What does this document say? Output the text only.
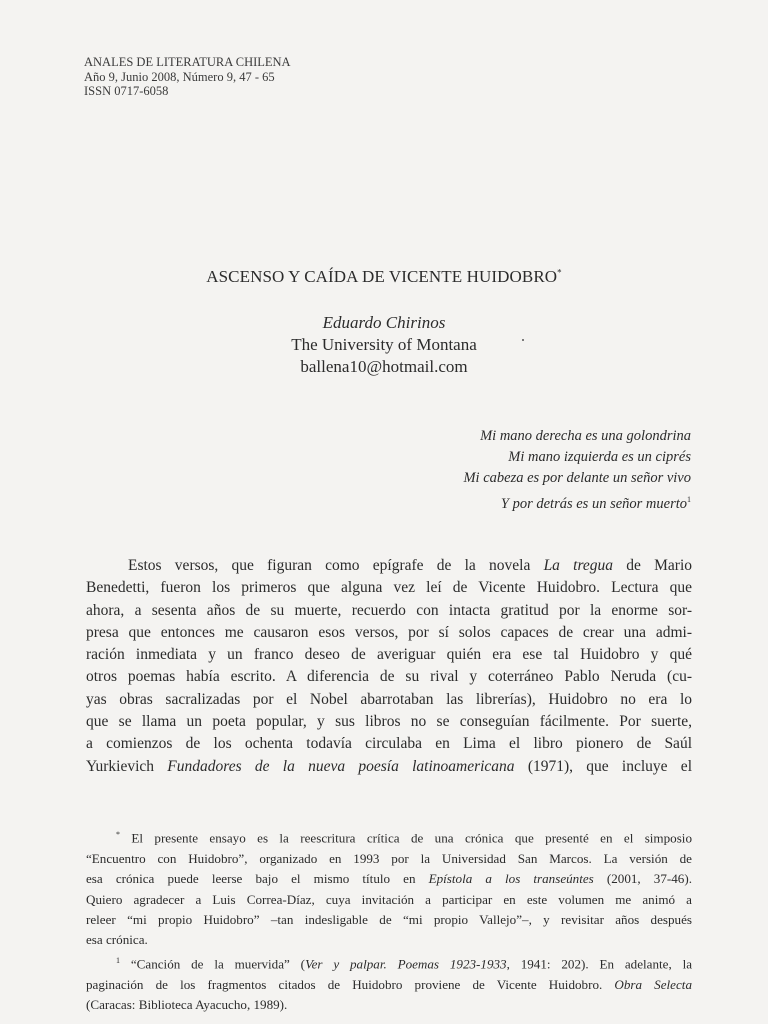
ANALES DE LITERATURA CHILENA
Año 9, Junio 2008, Número 9, 47 - 65
ISSN 0717-6058
ASCENSO Y CAÍDA DE VICENTE HUIDOBRO*
Eduardo Chirinos
The University of Montana
ballena10@hotmail.com
Mi mano derecha es una golondrina
Mi mano izquierda es un ciprés
Mi cabeza es por delante un señor vivo
Y por detrás es un señor muerto$^1$
Estos versos, que figuran como epígrafe de la novela La tregua de Mario
Benedetti, fueron los primeros que alguna vez leí de Vicente Huidobro. Lectura que
ahora, a sesenta años de su muerte, recuerdo con intacta gratitud por la enorme sor-
presa que entonces me causaron esos versos, por sí solos capaces de crear una admi-
ración inmediata y un franco deseo de averiguar quién era ese tal Huidobro y qué
otros poemas había escrito. A diferencia de su rival y coterráneo Pablo Neruda (cu-
yas obras sacralizadas por el Nobel abarrotaban las librerías), Huidobro no era lo
que se llama un poeta popular, y sus libros no se conseguían fácilmente. Por suerte,
a comienzos de los ochenta todavía circulaba en Lima el libro pionero de Saúl
Yurkievich Fundadores de la nueva poesía latinoamericana (1971), que incluye el
* El presente ensayo es la reescritura crítica de una crónica que presenté en el simposio
“Encuentro con Huidobro”, organizado en 1993 por la Universidad San Marcos. La versión de
esa crónica puede leerse bajo el mismo título en Epístola a los transeúntes (2001, 37-46).
Quiero agradecer a Luis Correa-Díaz, cuya invitación a participar en este volumen me animó a
releer “mi propio Huidobro” –tan indesligable de “mi propio Vallejo”–, y revisitar años después
esa crónica.
$^1$ “Canción de la muervida” (Ver y palpar. Poemas 1923-1933, 1941: 202). En adelante, la
paginación de los fragmentos citados de Huidobro proviene de Vicente Huidobro. Obra Selecta
(Caracas: Biblioteca Ayacucho, 1989).
